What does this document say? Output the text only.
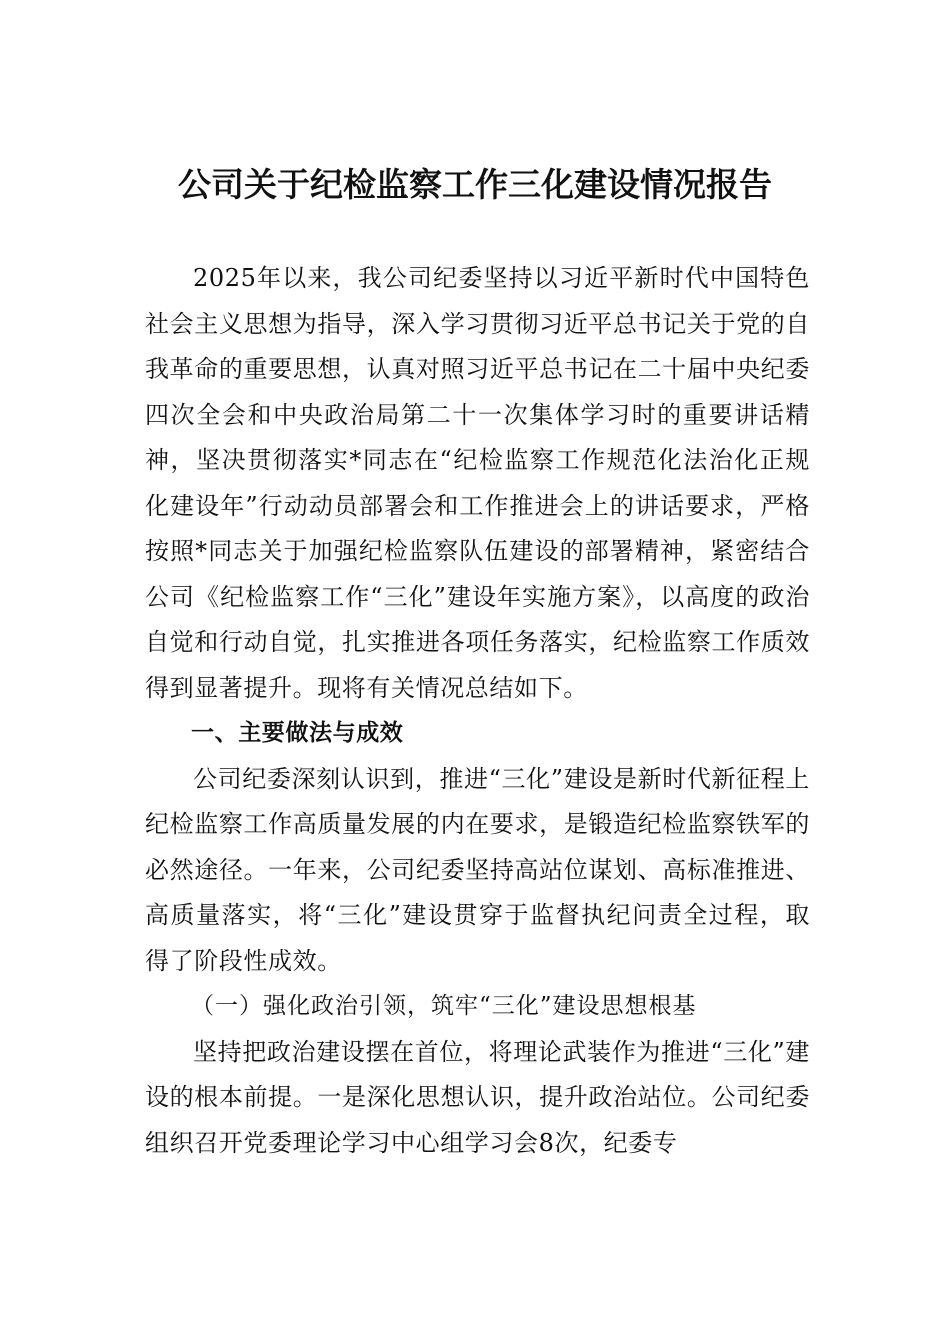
公司关于纪检监察工作三化建设情况报告

2025年以来，我公司纪委坚持以习近平新时代中国特色社会主义思想为指导，深入学习贯彻习近平总书记关于党的自我革命的重要思想，认真对照习近平总书记在二十届中央纪委四次全会和中央政治局第二十一次集体学习时的重要讲话精神，坚决贯彻落实*同志在“纪检监察工作规范化法治化正规化建设年”行动动员部署会和工作推进会上的讲话要求，严格按照*同志关于加强纪检监察队伍建设的部署精神，紧密结合公司《纪检监察工作“三化”建设年实施方案》，以高度的政治自觉和行动自觉，扎实推进各项任务落实，纪检监察工作质效得到显著提升。现将有关情况总结如下。

一、主要做法与成效

公司纪委深刻认识到，推进“三化”建设是新时代新征程上纪检监察工作高质量发展的内在要求，是锻造纪检监察铁军的必然途径。一年来，公司纪委坚持高站位谋划、高标准推进、高质量落实，将“三化”建设贯穿于监督执纪问责全过程，取得了阶段性成效。

（一）强化政治引领，筑牢“三化”建设思想根基

坚持把政治建设摆在首位，将理论武装作为推进“三化”建设的根本前提。一是深化思想认识，提升政治站位。公司纪委组织召开党委理论学习中心组学习会8次，纪委专
